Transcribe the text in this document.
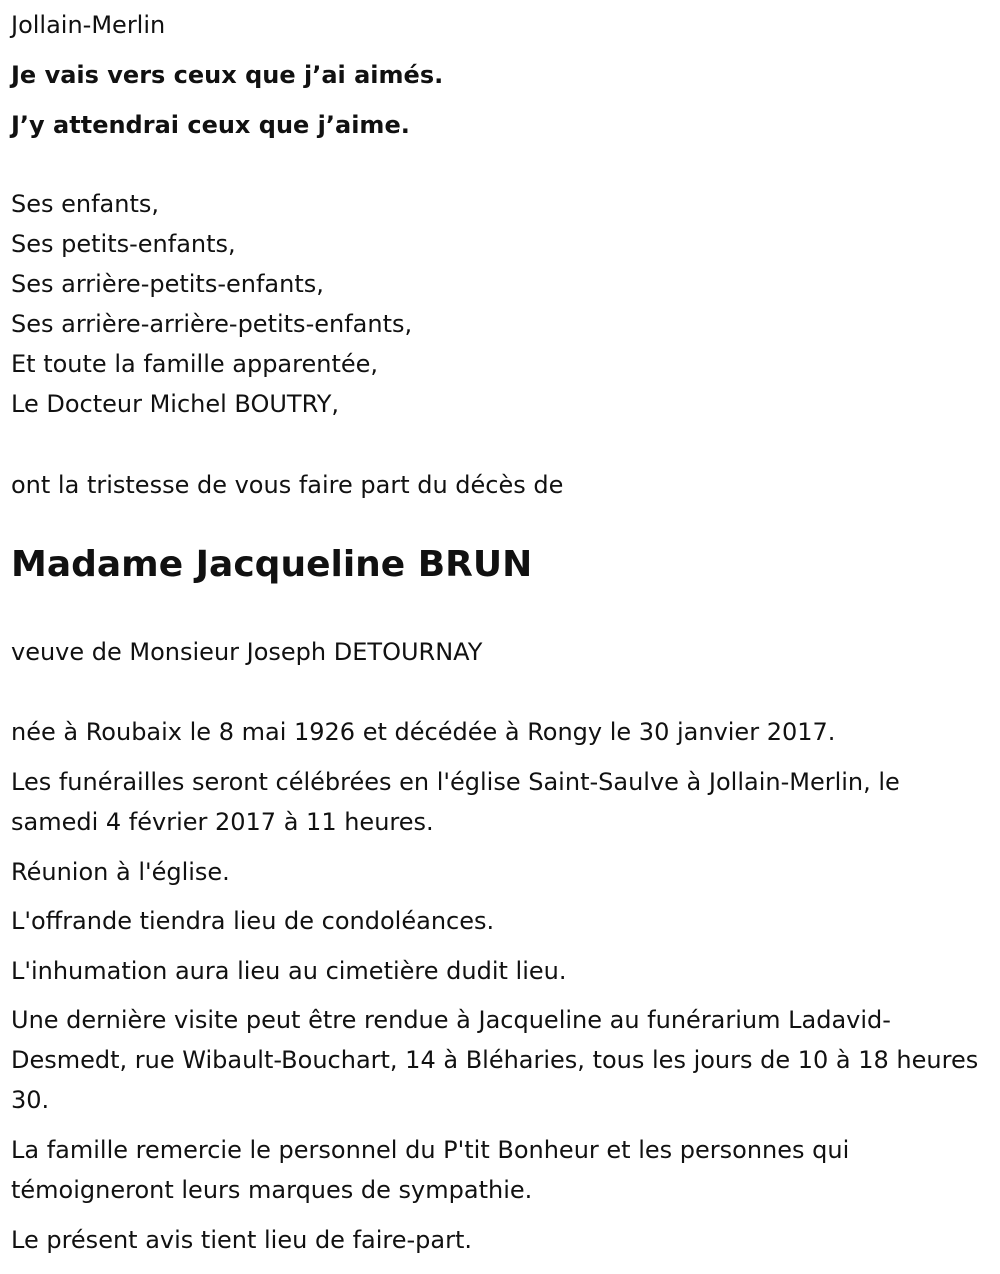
Jollain-Merlin

Je vais vers ceux que j’ai aimés.

J’y attendrai ceux que j’aime.

Ses enfants,

Ses petits-enfants,

Ses arrière-petits-enfants,

Ses arrière-arrière-petits-enfants,

Et toute la famille apparentée,

Le Docteur Michel BOUTRY,

ont la tristesse de vous faire part du décès de

Madame Jacqueline BRUN

veuve de Monsieur Joseph DETOURNAY

née à Roubaix le 8 mai 1926 et décédée à Rongy le 30 janvier 2017.

Les funérailles seront célébrées en l'église Saint-Saulve à Jollain-Merlin, le samedi 4 février 2017 à 11 heures.

Réunion à l'église.

L'offrande tiendra lieu de condoléances.

L'inhumation aura lieu au cimetière dudit lieu.

Une dernière visite peut être rendue à Jacqueline au funérarium Ladavid-Desmedt, rue Wibault-Bouchart, 14 à Bléharies, tous les jours de 10 à 18 heures 30.

La famille remercie le personnel du P'tit Bonheur et les personnes qui témoigneront leurs marques de sympathie.

Le présent avis tient lieu de faire-part.
